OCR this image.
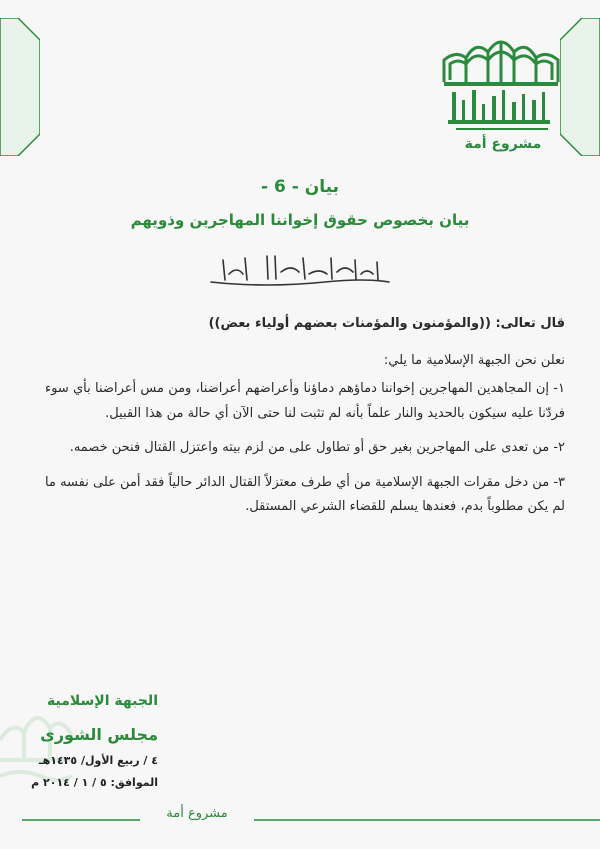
مشروع أمة
بيان - 6 -
بيان بخصوص حقوق إخواننا المهاجرين وذويهم

قال تعالى: ((والمؤمنون والمؤمنات بعضهم أولياء بعض))

نعلن نحن الجبهة الإسلامية ما يلي:

١- إن المجاهدين المهاجرين إخواننا دماؤهم دماؤنا وأعراضهم أعراضنا، ومن مس أعراضنا بأي سوء فردّنا عليه سيكون بالحديد والنار علماً بأنه لم تثبت لنا حتى الآن أي حالة من هذا القبيل.

٢- من تعدى على المهاجرين بغير حق أو تطاول على من لزم بيته واعتزل القتال فنحن خصمه.

٣- من دخل مقرات الجبهة الإسلامية من أي طرف معتزلاً القتال الدائر حالياً فقد أمن على نفسه ما لم يكن مطلوباً بدم، فعندها يسلم للقضاء الشرعي المستقل.

الجبهة الإسلامية
مجلس الشورى
٤ / ربيع الأول/ ١٤٣٥هـ
الموافق: ٥ / ١ / ٢٠١٤ م
مشروع أمة
